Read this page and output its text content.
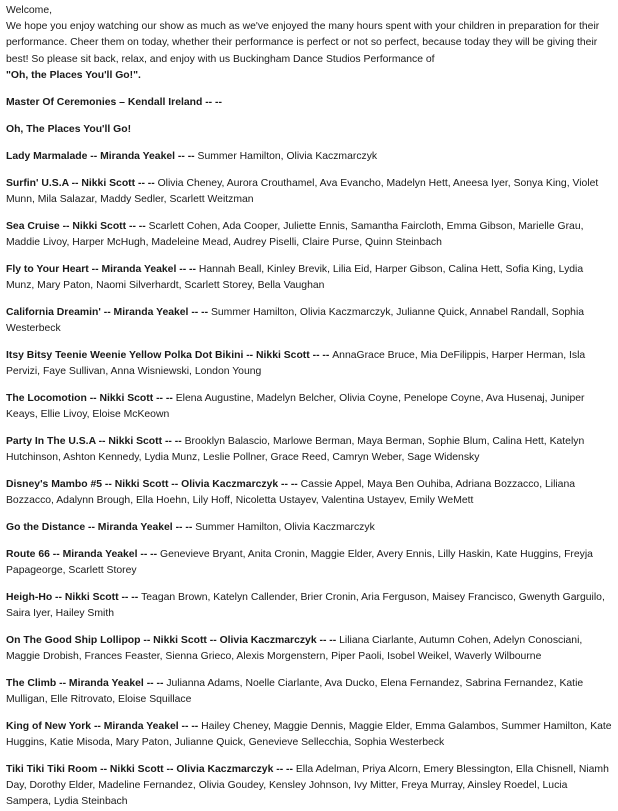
Welcome,

We hope you enjoy watching our show as much as we've enjoyed the many hours spent with your children in preparation for their performance. Cheer them on today, whether their performance is perfect or not so perfect, because today they will be giving their best! So please sit back, relax, and enjoy with us Buckingham Dance Studios Performance of

"Oh, the Places You'll Go!".

Master Of Ceremonies – Kendall Ireland -- --

Oh, The Places You'll Go!

Lady Marmalade -- Miranda Yeakel -- -- Summer Hamilton, Olivia Kaczmarczyk

Surfin' U.S.A -- Nikki Scott -- -- Olivia Cheney, Aurora Crouthamel, Ava Evancho, Madelyn Hett, Aneesa Iyer, Sonya King, Violet Munn, Mila Salazar, Maddy Sedler, Scarlett Weitzman

Sea Cruise -- Nikki Scott -- -- Scarlett Cohen, Ada Cooper, Juliette Ennis, Samantha Faircloth, Emma Gibson, Marielle Grau, Maddie Livoy, Harper McHugh, Madeleine Mead, Audrey Piselli, Claire Purse, Quinn Steinbach

Fly to Your Heart -- Miranda Yeakel -- -- Hannah Beall, Kinley Brevik, Lilia Eid, Harper Gibson, Calina Hett, Sofia King, Lydia Munz, Mary Paton, Naomi Silverhardt, Scarlett Storey, Bella Vaughan

California Dreamin' -- Miranda Yeakel -- -- Summer Hamilton, Olivia Kaczmarczyk, Julianne Quick, Annabel Randall, Sophia Westerbeck

Itsy Bitsy Teenie Weenie Yellow Polka Dot Bikini -- Nikki Scott -- -- AnnaGrace Bruce, Mia DeFilippis, Harper Herman, Isla Pervizi, Faye Sullivan, Anna Wisniewski, London Young

The Locomotion -- Nikki Scott -- -- Elena Augustine, Madelyn Belcher, Olivia Coyne, Penelope Coyne, Ava Husenaj, Juniper Keays, Ellie Livoy, Eloise McKeown

Party In The U.S.A -- Nikki Scott -- -- Brooklyn Balascio, Marlowe Berman, Maya Berman, Sophie Blum, Calina Hett, Katelyn Hutchinson, Ashton Kennedy, Lydia Munz, Leslie Pollner, Grace Reed, Camryn Weber, Sage Widensky

Disney's Mambo #5 -- Nikki Scott -- Olivia Kaczmarczyk -- -- Cassie Appel, Maya Ben Ouhiba, Adriana Bozzacco, Liliana Bozzacco, Adalynn Brough, Ella Hoehn, Lily Hoff, Nicoletta Ustayev, Valentina Ustayev, Emily WeMett

Go the Distance -- Miranda Yeakel -- -- Summer Hamilton, Olivia Kaczmarczyk

Route 66 -- Miranda Yeakel -- -- Genevieve Bryant, Anita Cronin, Maggie Elder, Avery Ennis, Lilly Haskin, Kate Huggins, Freyja Papageorge, Scarlett Storey

Heigh-Ho -- Nikki Scott -- -- Teagan Brown, Katelyn Callender, Brier Cronin, Aria Ferguson, Maisey Francisco, Gwenyth Garguilo, Saira Iyer, Hailey Smith

On The Good Ship Lollipop -- Nikki Scott -- Olivia Kaczmarczyk -- -- Liliana Ciarlante, Autumn Cohen, Adelyn Conosciani, Maggie Drobish, Frances Feaster, Sienna Grieco, Alexis Morgenstern, Piper Paoli, Isobel Weikel, Waverly Wilbourne

The Climb -- Miranda Yeakel -- -- Julianna Adams, Noelle Ciarlante, Ava Ducko, Elena Fernandez, Sabrina Fernandez, Katie Mulligan, Elle Ritrovato, Eloise Squillace

King of New York -- Miranda Yeakel -- -- Hailey Cheney, Maggie Dennis, Maggie Elder, Emma Galambos, Summer Hamilton, Kate Huggins, Katie Misoda, Mary Paton, Julianne Quick, Genevieve Sellecchia, Sophia Westerbeck

Tiki Tiki Tiki Room -- Nikki Scott -- Olivia Kaczmarczyk -- -- Ella Adelman, Priya Alcorn, Emery Blessington, Ella Chisnell, Niamh Day, Dorothy Elder, Madeline Fernandez, Olivia Goudey, Kensley Johnson, Ivy Mitter, Freya Murray, Ainsley Roedel, Lucia Sampera, Lydia Steinbach
